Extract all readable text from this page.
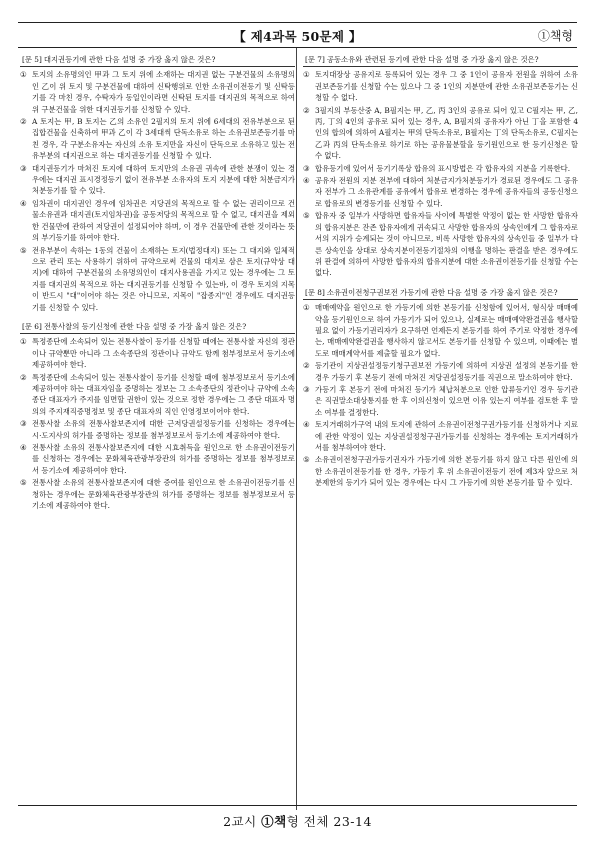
【 제4과목 50문제 】	①책형
[문 5] 대지권등기에 관한 다음 설명 중 가장 옳지 않은 것은?
① 토지의 소유명의인 甲과 그 토지 위에 소재하는 대지권 없는 구분건물의 소유명의인 乙이 위 토지 및 구분건물에 대하여 신탁행위로 인한 소유권이전등기 및 신탁등기를 각 마친 경우, 수탁자가 동일인이라면 신탁된 토지를 대지권의 목적으로 하여 위 구분건물을 위한 대지권등기를 신청할 수 있다.
② A 토지는 甲, B 토지는 乙의 소유인 2필지의 토지 위에 6세대의 전유부분으로 된 집합건물을 신축하여 甲과 乙이 각 3세대씩 단독소유로 하는 소유권보존등기를 마친 경우, 각 구분소유자는 자신의 소유 토지만을 자신이 단독으로 소유하고 있는 전유부분의 대지권으로 하는 대지권등기를 신청할 수 있다.
③ 대지권등기가 마쳐진 토지에 대하여 토지만의 소유권 귀속에 관한 분쟁이 있는 경우에는 대지권 표시경정등기 없이 전유부분 소유자의 토지 지분에 대한 처분금지가처분등기를 할 수 있다.
④ 임차권이 대지권인 경우에 임차권은 지당권의 목적으로 할 수 없는 권리이므로 건물소유권과 대지권(토지임차권)을 공동저당의 목적으로 할 수 없고, 대지권을 제외한 건물만에 관하여 저당권이 설정되어야 하며, 이 경우 건물만에 관한 것이라는 뜻의 부기등기를 하여야 한다.
⑤ 전유부분이 속하는 1동의 건물이 소재하는 토지(법정대지) 또는 그 대지와 일체적으로 관리 또는 사용하기 위하여 규약으로써 건물의 대지로 삼은 토지(규약상 대지)에 대하여 구분건물의 소유명의인이 대지사용권을 가지고 있는 경우에는 그 토지를 대지권의 목적으로 하는 대지권등기를 신청할 수 있는바, 이 경우 토지의 지목이 반드시 "대"이어야 하는 것은 아니므로, 지목이 "잡종지"인 경우에도 대지권등기를 신청할 수 있다.
[문 6] 전통사찰의 등기신청에 관한 다음 설명 중 가장 옳지 않은 것은?
① 특정종단에 소속되어 있는 전통사찰이 등기를 신청할 때에는 전통사찰 자신의 정관이나 규약뿐만 아니라 그 소속종단의 정관이나 규약도 함께 첨부정보로서 등기소에 제공하여야 한다.
② 특정종단에 소속되어 있는 전통사찰이 등기를 신청할 때에 첨부정보로서 등기소에 제공하여야 하는 대표자임을 증명하는 정보는 그 소속종단의 정관이나 규약에 소속종단 대표자가 주지를 임면할 권한이 있는 것으로 정한 경우에는 그 종단 대표자 명의의 주지재직증명정보 및 종단 대표자의 직인 인영정보이어야 한다.
③ 전통사찰 소유의 전통사찰보존지에 대한 근저당권설정등기를 신청하는 경우에는 시·도지사의 허가를 증명하는 정보를 첨부정보로서 등기소에 제공하여야 한다.
④ 전통사찰 소유의 전통사찰보존지에 대한 시효취득을 원인으로 한 소유권이전등기를 신청하는 경우에는 문화체육관광부장관의 허가를 증명하는 정보를 첨부정보로서 등기소에 제공하여야 한다.
⑤ 전통사찰 소유의 전통사찰보존지에 대한 증여를 원인으로 한 소유권이전등기를 신청하는 경우에는 문화체육관광부장관의 허가를 증명하는 정보를 첨부정보로서 등기소에 제공하여야 한다.
[문 7] 공동소유와 관련된 등기에 관한 다음 설명 중 가장 옳지 않은 것은?
① 토지대장상 공유지로 등록되어 있는 경우 그 중 1인이 공유자 전원을 위하여 소유권보존등기를 신청할 수는 있으나 그 중 1인의 지분만에 관한 소유권보존등기는 신청할 수 없다.
② 3필지의 부동산중 A, B필지는 甲, 乙, 丙 3인의 공유로 되어 있고 C필지는 甲, 乙, 丙, 丁의 4인의 공유로 되어 있는 경우, A, B필지의 공유자가 아닌 丁을 포함한 4인의 합의에 의하여 A필지는 甲의 단독소유로, B필지는 丁의 단독소유로, C필지는 乙과 丙의 단독소유로 하기로 하는 공유물분할을 등기원인으로 한 등기신청은 할 수 없다.
③ 합유등기에 있어서 등기기록상 합유의 표시방법은 각 합유자의 지분을 기록한다.
④ 공유자 전원의 지분 전부에 대하여 처분금지가처분등기가 경료된 경우에도 그 공유자 전부가 그 소유관계를 공유에서 합유로 변경하는 경우에 공유자들의 공동신청으로 합유로의 변경등기를 신청할 수 있다.
⑤ 합유자 중 일부가 사망하면 합유자들 사이에 특별한 약정이 없는 한 사망한 합유자의 합유지분은 잔존 합유자에게 귀속되고 사망한 합유자의 상속인에게 그 합유자로서의 지위가 승계되는 것이 아니므로, 비록 사망한 합유자의 상속인들 중 일부가 다른 상속인을 상대로 상속지분이전등기절차의 이행을 명하는 판결을 받은 경우에도 위 판결에 의하여 사망한 합유자의 합유지분에 대한 소유권이전등기를 신청할 수는 없다.
[문 8] 소유권이전청구권보전 가등기에 관한 다음 설명 중 가장 옳지 않은 것은?
① 매매예약을 원인으로 한 가등기에 의한 본등기를 신청함에 있어서, 형식상 매매예약을 등기원인으로 하여 가등기가 되어 있으나, 실제로는 매매예약완결권을 행사할 필요 없이 가등기권리자가 요구하면 언제든지 본등기를 하여 주기로 약정한 경우에는, 매매예약완결권을 행사하지 않고서도 본등기를 신청할 수 있으며, 이때에는 별도로 매매계약서를 제출할 필요가 없다.
② 등기관이 지상권설정등기청구권보전 가등기에 의하여 지상권 설정의 본등기를 한 경우 가등기 후 본등기 전에 마쳐진 저당권설정등기를 직권으로 말소하여야 한다.
③ 가등기 후 본등기 전에 마쳐진 등기가 체납처분으로 인한 압류등기인 경우 등기관은 직권말소대상통지를 한 후 이의신청이 있으면 이유 있는지 여부를 검토한 후 말소 여부를 결정한다.
④ 토지거래허가구역 내의 토지에 관하여 소유권이전청구권가등기를 신청하거나 지료에 관한 약정이 있는 지상권설정청구권가등기를 신청하는 경우에는 토지거래허가서를 첨부하여야 한다.
⑤ 소유권이전청구권가등기권자가 가등기에 의한 본등기를 하지 않고 다른 원인에 의한 소유권이전등기를 한 경우, 가등기 후 위 소유권이전등기 전에 제3자 앞으로 처분제한의 등기가 되어 있는 경우에는 다시 그 가등기에 의한 본등기를 할 수 있다.
2교시 ①책형 전체 23-14
